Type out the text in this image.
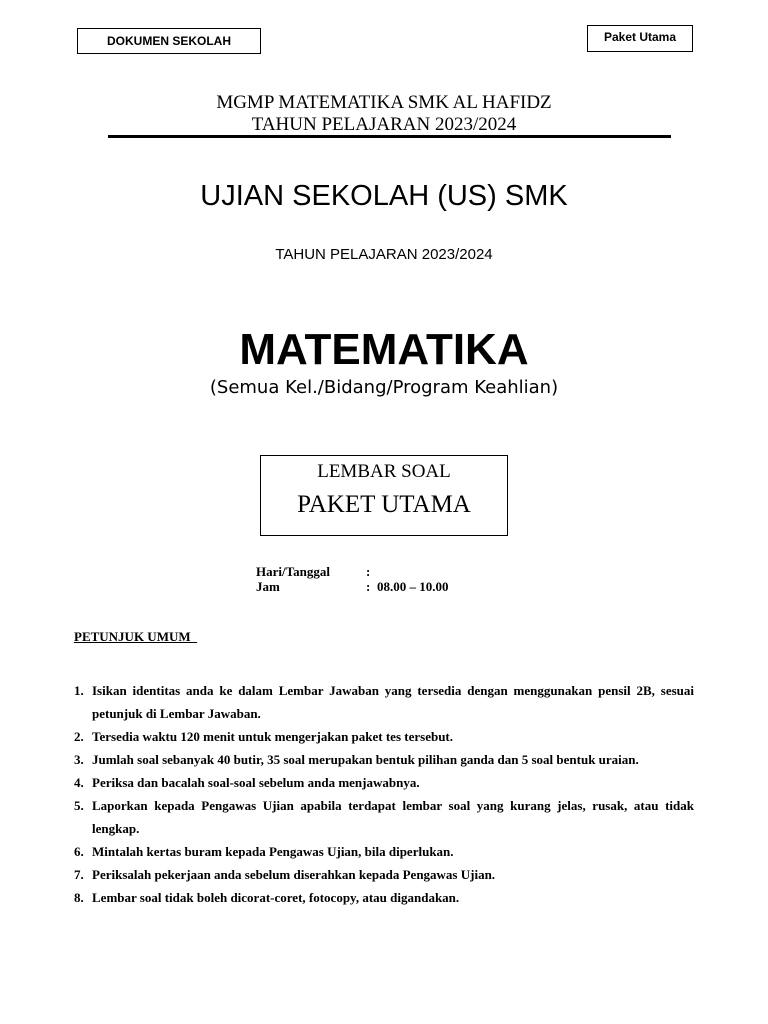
DOKUMEN SEKOLAH	Paket Utama
MGMP MATEMATIKA SMK AL HAFIDZ
TAHUN PELAJARAN 2023/2024
UJIAN SEKOLAH (US) SMK
TAHUN PELAJARAN 2023/2024
MATEMATIKA
(Semua Kel./Bidang/Program Keahlian)
LEMBAR SOAL
PAKET UTAMA
Hari/Tanggal	:
Jam	: 08.00 – 10.00
PETUNJUK UMUM
1. Isikan identitas anda ke dalam Lembar Jawaban yang tersedia dengan menggunakan pensil 2B, sesuai petunjuk di Lembar Jawaban.
2. Tersedia waktu 120 menit untuk mengerjakan paket tes tersebut.
3. Jumlah soal sebanyak 40 butir, 35 soal merupakan bentuk pilihan ganda dan 5 soal bentuk uraian.
4. Periksa dan bacalah soal-soal sebelum anda menjawabnya.
5. Laporkan kepada Pengawas Ujian apabila terdapat lembar soal yang kurang jelas, rusak, atau tidak lengkap.
6. Mintalah kertas buram kepada Pengawas Ujian, bila diperlukan.
7. Periksalah pekerjaan anda sebelum diserahkan kepada Pengawas Ujian.
8. Lembar soal tidak boleh dicorat-coret, fotocopy, atau digandakan.
